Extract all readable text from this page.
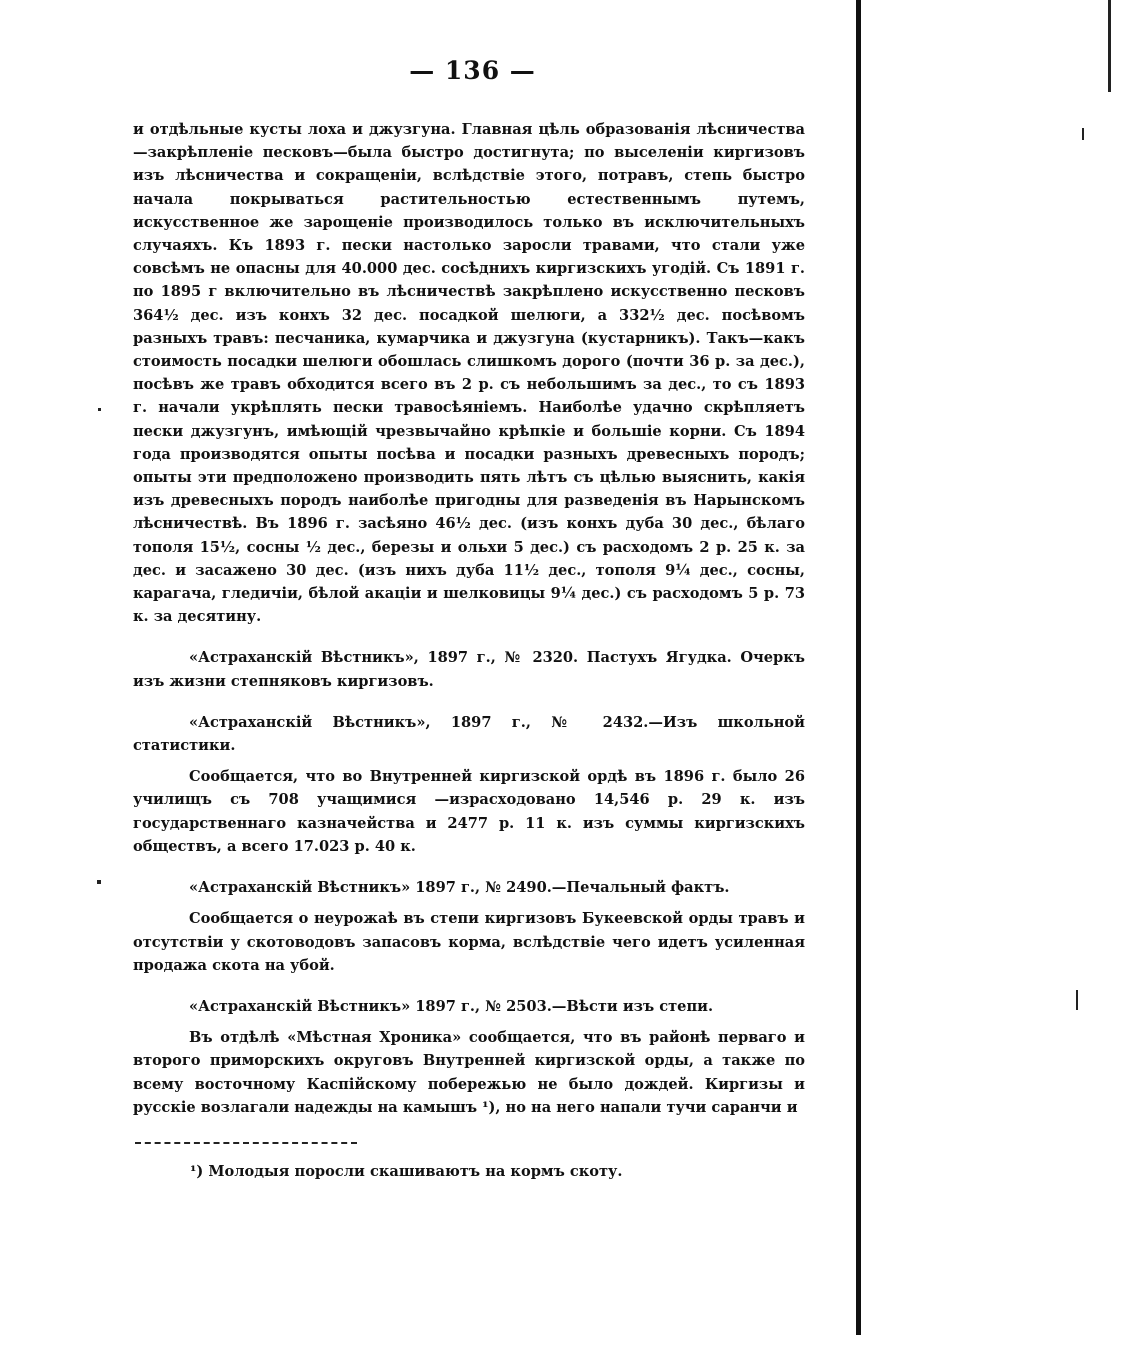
— 136 —

и отдѣльные кусты лоха и джузгуна. Главная цѣль образованія лѣсничества—закрѣпленіе песковъ—была быстро достигнута; по выселеніи киргизовъ изъ лѣсничества и сокращеніи, вслѣдствіе этого, потравъ, степь быстро начала покрываться растительностью естественнымъ путемъ, искусственное же зарощеніе производилось только въ исключительныхъ случаяхъ. Къ 1893 г. пески настолько заросли травами, что стали уже совсѣмъ не опасны для 40.000 дес. сосѣднихъ киргизскихъ угодій. Съ 1891 г. по 1895 г включительно въ лѣсничествѣ закрѣплено искусственно песковъ 364½ дес. изъ конхъ 32 дес. посадкой шелюги, а 332½ дес. посѣвомъ разныхъ травъ: песчаника, кумарчика и джузгуна (кустарникъ). Такъ—какъ стоимость посадки шелюги обошлась слишкомъ дорого (почти 36 р. за дес.), посѣвъ же травъ обходится всего въ 2 р. съ небольшимъ за дес., то съ 1893 г. начали укрѣплять пески травосѣяніемъ. Наиболѣе удачно скрѣпляетъ пески джузгунъ, имѣющій чрезвычайно крѣпкіе и большіе корни. Съ 1894 года производятся опыты посѣва и посадки разныхъ древесныхъ породъ; опыты эти предположено производить пять лѣтъ съ цѣлью выяснить, какія изъ древесныхъ породъ наиболѣе пригодны для разведенія въ Нарынскомъ лѣсничествѣ. Въ 1896 г. засѣяно 46½ дес. (изъ конхъ дуба 30 дес., бѣлаго тополя 15½, сосны ½ дес., березы и ольхи 5 дес.) съ расходомъ 2 р. 25 к. за дес. и засажено 30 дес. (изъ нихъ дуба 11½ дес., тополя 9¼ дес., сосны, карагача, гледичіи, бѣлой акаціи и шелковицы 9¼ дес.) съ расходомъ 5 р. 73 к. за десятину.

«Астраханскій Вѣстникъ», 1897 г., № 2320. Пастухъ Ягудка. Очеркъ изъ жизни степняковъ киргизовъ.

«Астраханскій Вѣстникъ», 1897 г., № 2432.—Изъ школьной статистики.

Сообщается, что во Внутренней киргизской ордѣ въ 1896 г. было 26 училищъ съ 708 учащимися —израсходовано 14,546 р. 29 к. изъ государственнаго казначейства и 2477 р. 11 к. изъ суммы киргизскихъ обществъ, а всего 17.023 р. 40 к.

«Астраханскій Вѣстникъ» 1897 г., № 2490.—Печальный фактъ.

Сообщается о неурожаѣ въ степи киргизовъ Букеевской орды травъ и отсутствіи у скотоводовъ запасовъ корма, вслѣдствіе чего идетъ усиленная продажа скота на убой.

«Астраханскій Вѣстникъ» 1897 г., № 2503.—Вѣсти изъ степи.

Въ отдѣлѣ «Мѣстная Хроника» сообщается, что въ районѣ перваго и второго приморскихъ округовъ Внутренней киргизской орды, а также по всему восточному Каспійскому побережью не было дождей. Киргизы и русскіе возлагали надежды на камышъ ¹), но на него напали тучи саранчи и

¹) Молодыя поросли скашиваютъ на кормъ скоту.
